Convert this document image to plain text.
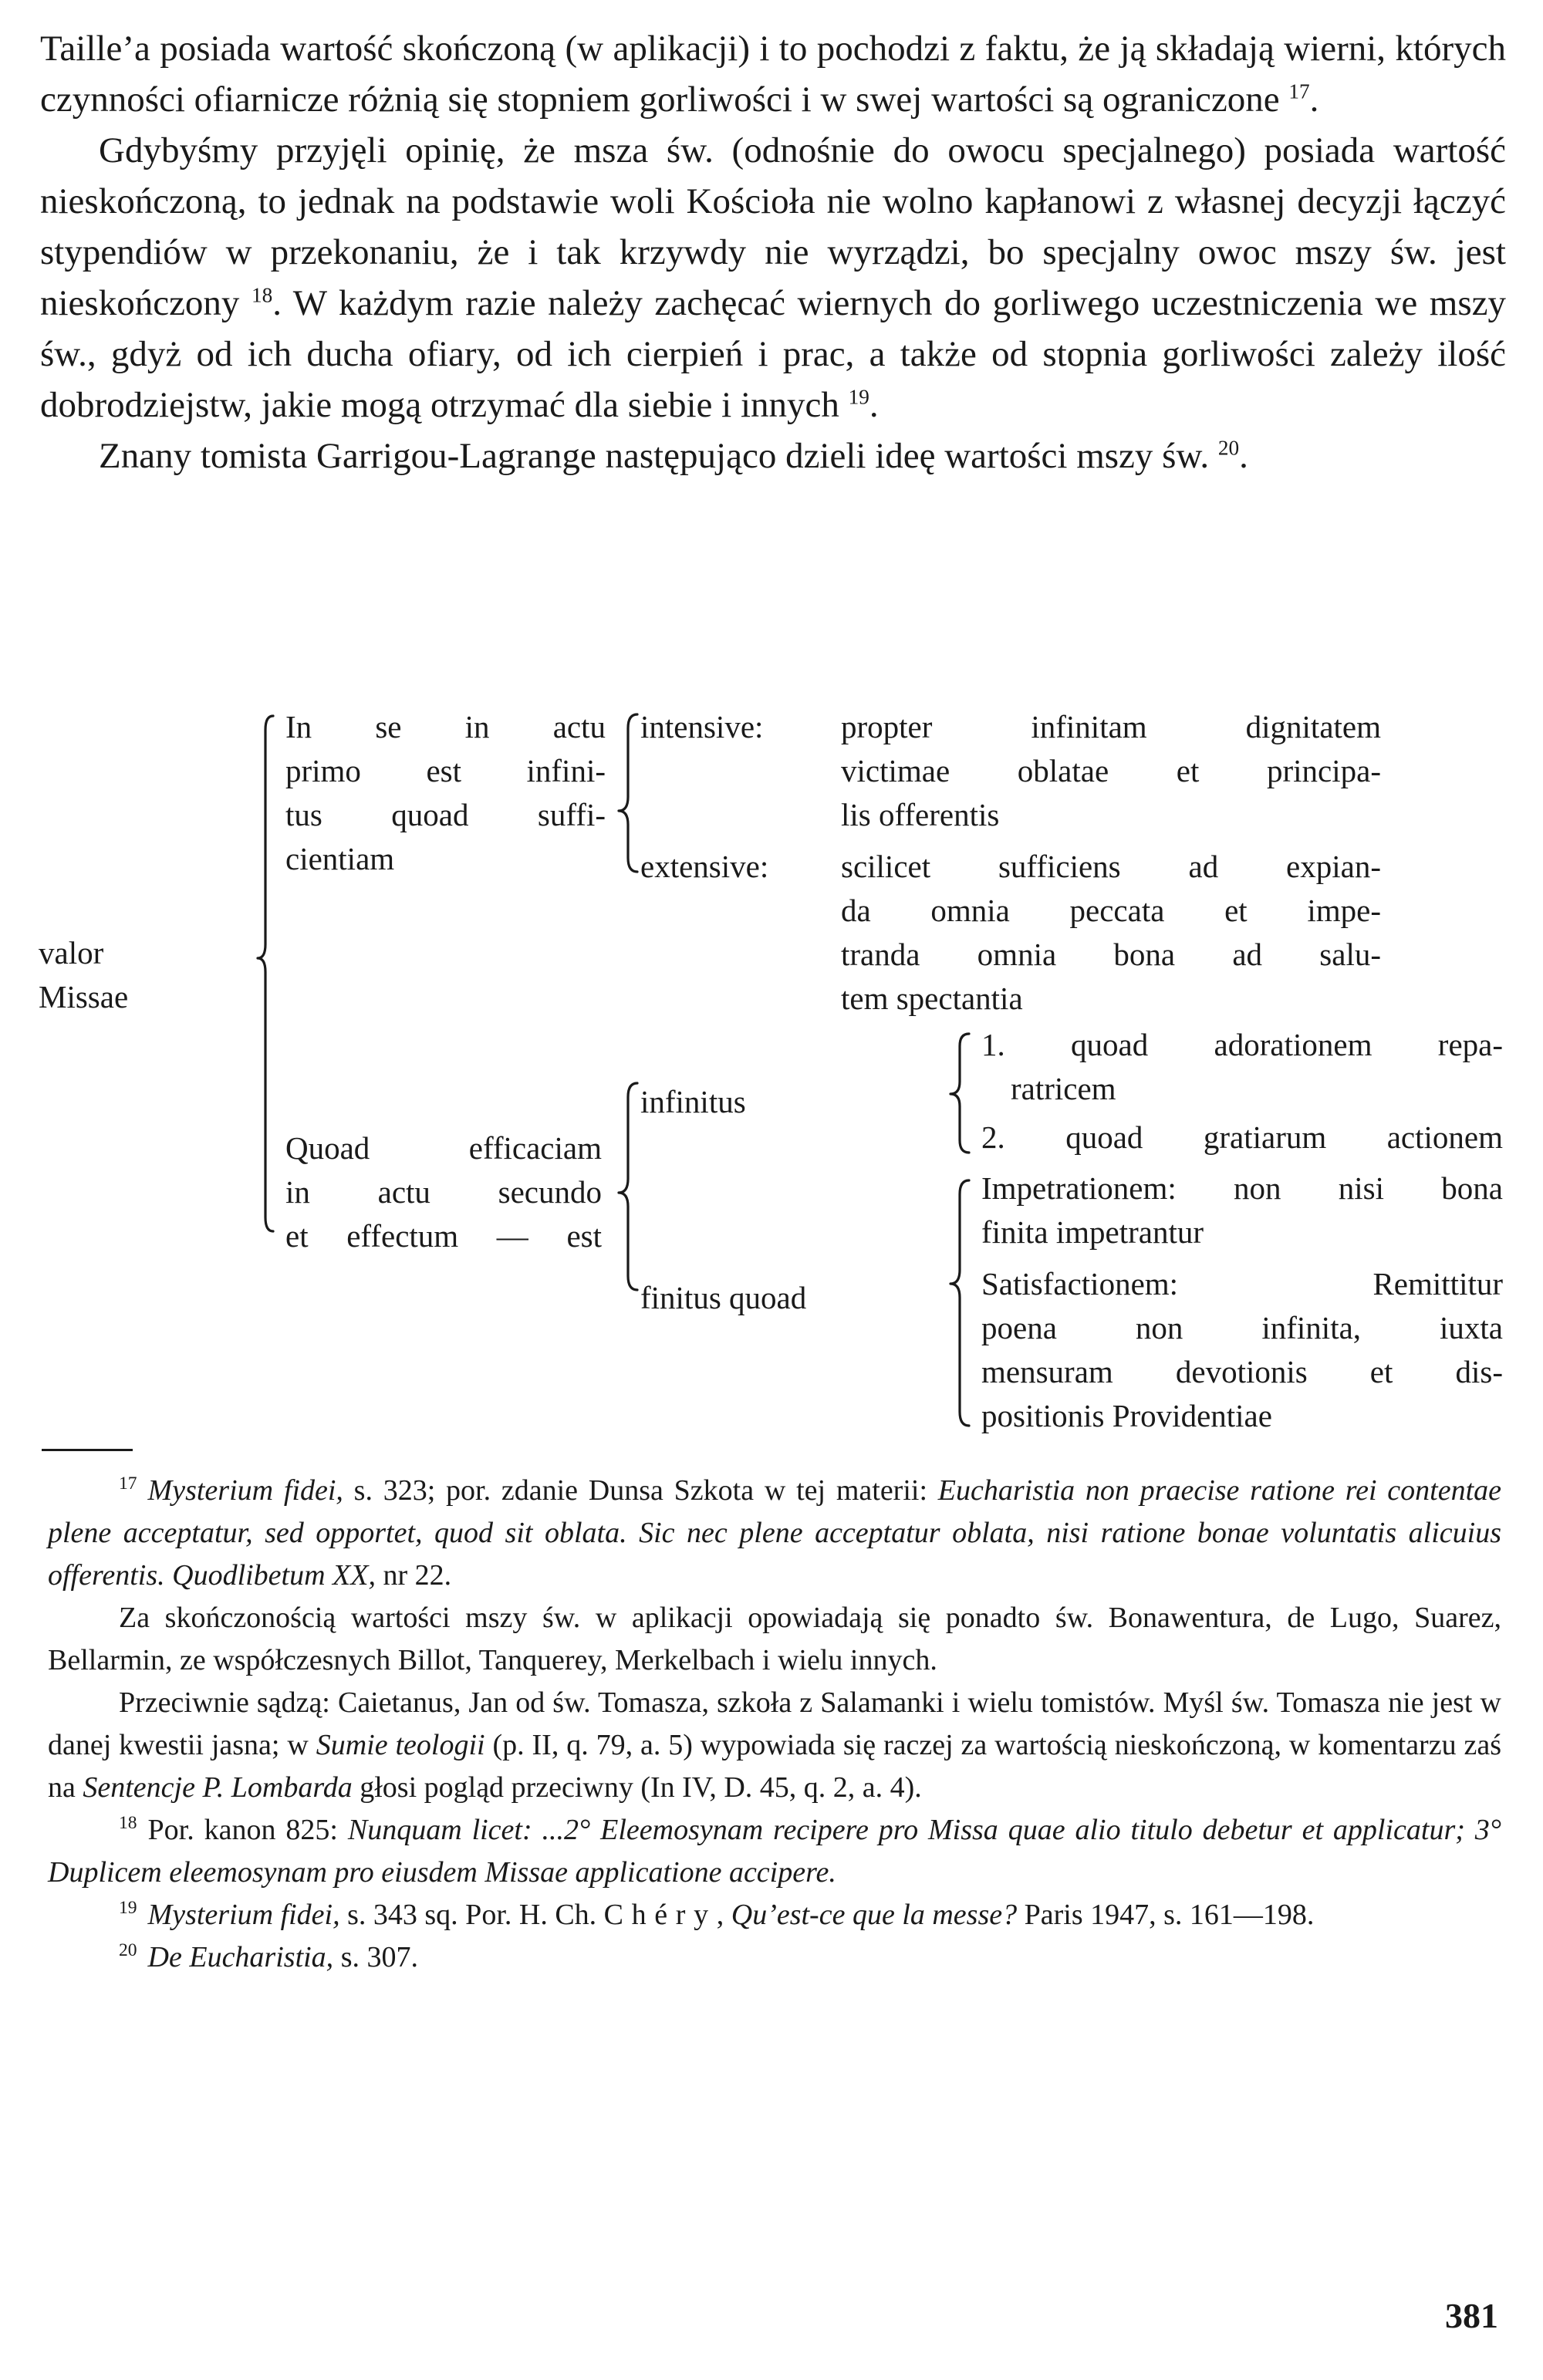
Taille’a posiada wartość skończoną (w aplikacji) i to pochodzi z faktu, że ją składają wierni, których czynności ofiarnicze różnią się stopniem gorliwości i w swej wartości są ograniczone $^{17}$.

Gdybyśmy przyjęli opinię, że msza św. (odnośnie do owocu specjalnego) posiada wartość nieskończoną, to jednak na podstawie woli Kościoła nie wolno kapłanowi z własnej decyzji łączyć stypendiów w przekonaniu, że i tak krzywdy nie wyrządzi, bo specjalny owoc mszy św. jest nieskończony $^{18}$. W każdym razie należy zachęcać wiernych do gorliwego uczestniczenia we mszy św., gdyż od ich ducha ofiary, od ich cierpień i prac, a także od stopnia gorliwości zależy ilość dobrodziejstw, jakie mogą otrzymać dla siebie i innych $^{19}$.

Znany tomista Garrigou-Lagrange następująco dzieli ideę wartości mszy św. $^{20}$.

valor
Missae
In se in actu
primo est infini-
tus quoad suffi-
cientiam
intensive: propter infinitam dignitatem
victimae oblatae et principa-
lis offerentis
extensive: scilicet sufficiens ad expian-
da omnia peccata et impe-
tranda omnia bona ad salu-
tem spectantia
Quoad efficaciam
in actu secundo
et effectum — est
infinitus
1. quoad adorationem repa-
ratricem
2. quoad gratiarum actionem
finitus quoad
Impetrationem: non nisi bona
finita impetrantur
Satisfactionem: Remittitur
poena non infinita, iuxta
mensuram devotionis et dis-
positionis Providentiae

$^{17}$ Mysterium fidei, s. 323; por. zdanie Dunsa Szkota w tej materii: Eucharistia non praecise ratione rei contentae plene acceptatur, sed opportet, quod sit oblata. Sic nec plene acceptatur oblata, nisi ratione bonae voluntatis alicuius offerentis. Quodlibetum XX, nr 22.

Za skończonością wartości mszy św. w aplikacji opowiadają się ponadto św. Bonawentura, de Lugo, Suarez, Bellarmin, ze współczesnych Billot, Tanquerey, Merkelbach i wielu innych.

Przeciwnie sądzą: Caietanus, Jan od św. Tomasza, szkoła z Salamanki i wielu tomistów. Myśl św. Tomasza nie jest w danej kwestii jasna; w Sumie teologii (p. II, q. 79, a. 5) wypowiada się raczej za wartością nieskończoną, w komentarzu zaś na Sentencje P. Lombarda głosi pogląd przeciwny (In IV, D. 45, q. 2, a. 4).

$^{18}$ Por. kanon 825: Nunquam licet: ...2° Eleemosynam recipere pro Missa quae alio titulo debetur et applicatur; 3° Duplicem eleemosynam pro eiusdem Missae applicatione accipere.

$^{19}$ Mysterium fidei, s. 343 sq. Por. H. Ch. Chéry, Qu’est-ce que la messe? Paris 1947, s. 161—198.

$^{20}$ De Eucharistia, s. 307.

381
